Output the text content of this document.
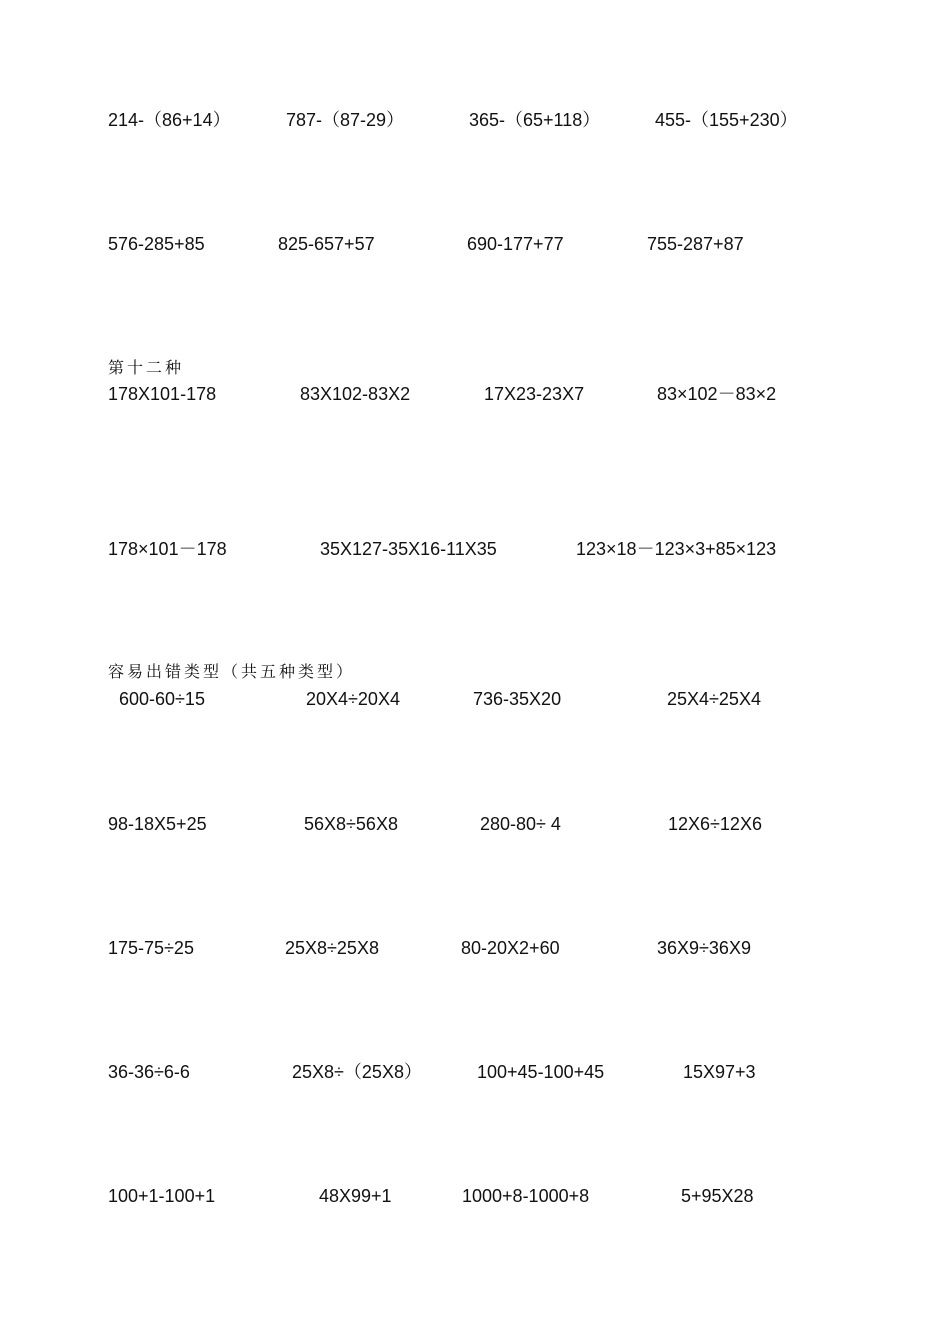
214-（86+14）	787-（87-29）	365-（65+118）	455-（155+230）
576-285+85	825-657+57	690-177+77	755-287+87
第十二种
178X101-178	83X102-83X2	17X23-23X7	83×102－83×2
178×101－178	35X127-35X16-11X35	123×18－123×3+85×123
容易出错类型（共五种类型）
600-60÷15	20X4÷20X4	736-35X20	25X4÷25X4
98-18X5+25	56X8÷56X8	280-80÷ 4	12X6÷12X6
175-75÷25	25X8÷25X8	80-20X2+60	36X9÷36X9
36-36÷6-6	25X8÷（25X8）	100+45-100+45	15X97+3
100+1-100+1	48X99+1	1000+8-1000+8	5+95X28
